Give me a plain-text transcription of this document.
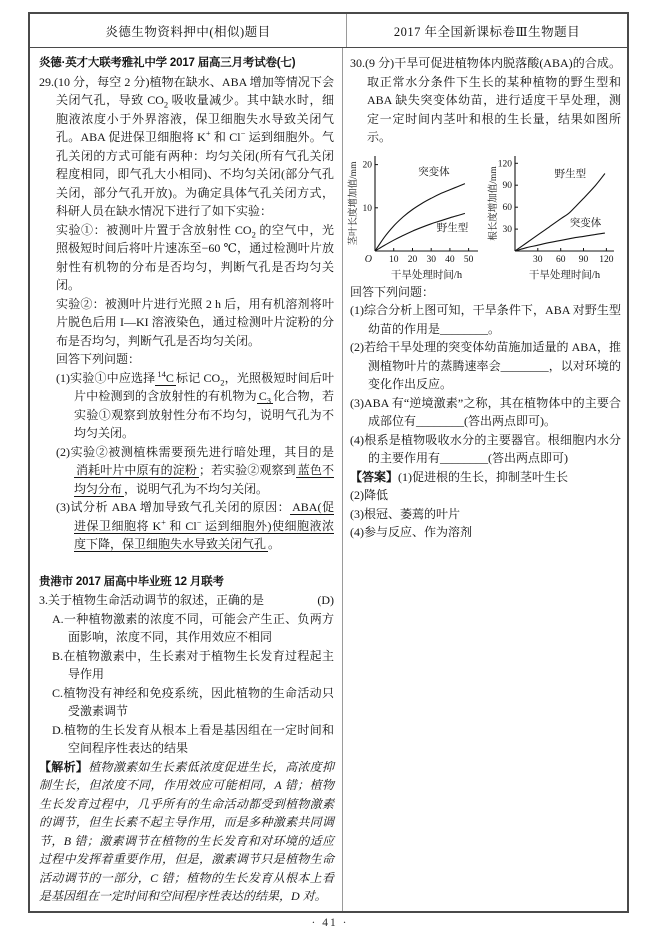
炎德生物资料押中(相似)题目	2017 年全国新课标卷Ⅲ生物题目

炎德·英才大联考雅礼中学 2017 届高三月考试卷(七)

29.(10 分，每空 2 分)植物在缺水、ABA 增加等情况下会关闭气孔，导致 $CO_2$ 吸收量减少。其中缺水时，细胞液浓度小于外界溶液，保卫细胞失水导致关闭气孔。ABA 促进保卫细胞将 K+ 和 Cl− 运到细胞外。气孔关闭的方式可能有两种：均匀关闭(所有气孔关闭程度相同，即气孔大小相同)、不均匀关闭(部分气孔关闭，部分气孔开放)。为确定具体气孔关闭方式，科研人员在缺水情况下进行了如下实验：

实验①：被测叶片置于含放射性 $CO_2$ 的空气中，光照极短时间后将叶片速冻至−60 ℃，通过检测叶片放射性有机物的分布是否均匀，判断气孔是否均匀关闭。

实验②：被测叶片进行光照 2 h 后，用有机溶剂将叶片脱色后用 I—KI 溶液染色，通过检测叶片淀粉的分布是否均匀，判断气孔是否均匀关闭。

回答下列问题：

(1)实验①中应选择 $^{14}$C 标记 $CO_2$，光照极短时间后叶片中检测到的含放射性的有机物为 $C_3$ 化合物，若实验①观察到放射性分布不均匀，说明气孔为不均匀关闭。

(2)实验②被测植株需要预先进行暗处理，其目的是消耗叶片中原有的淀粉 ；若实验②观察到 蓝色不均匀分布 ，说明气孔为不均匀关闭。

(3)试分析 ABA 增加导致气孔关闭的原因： ABA(促进保卫细胞将 K+ 和 Cl− 运到细胞外)使细胞液浓度下降，保卫细胞失水导致关闭气孔 。

贵港市 2017 届高中毕业班 12 月联考

(D)
3.关于植物生命活动调节的叙述，正确的是

A.一种植物激素的浓度不同，可能会产生正、负两方面影响，浓度不同，其作用效应不相同

B.在植物激素中，生长素对于植物生长发育过程起主导作用

C.植物没有神经和免疫系统，因此植物的生命活动只受激素调节

D.植物的生长发育从根本上看是基因组在一定时间和空间程序性表达的结果

【解析】植物激素如生长素低浓度促进生长，高浓度抑制生长，但浓度不同，作用效应可能相同，A 错；植物生长发育过程中，几乎所有的生命活动都受到植物激素的调节，但生长素不起主导作用，而是多种激素共同调节，B 错；激素调节在植物的生长发育和对环境的适应过程中发挥着重要作用，但是，激素调节只是植物生命活动调节的一部分，C 错；植物的生长发育从根本上看是基因组在一定时间和空间程序性表达的结果，D 对。

30.(9 分)干旱可促进植物体内脱落酸(ABA)的合成。取正常水分条件下生长的某种植物的野生型和 ABA 缺失突变体幼苗，进行适度干旱处理，测定一定时间内茎叶和根的生长量，结果如图所示。

10 20 30 40 50
10
20
O
茎叶长度增加值/mm
干旱处理时间/h
突变体
野生型
30 60 90 120
30
60
90
120
根长度增加值/mm
干旱处理时间/h
野生型
突变体

回答下列问题：

(1)综合分析上图可知，干旱条件下，ABA 对野生型幼苗的作用是________。

(2)若给干旱处理的突变体幼苗施加适量的 ABA，推测植物叶片的蒸腾速率会________，以对环境的变化作出反应。

(3)ABA 有“逆境激素”之称，其在植物体中的主要合成部位有________(答出两点即可)。

(4)根系是植物吸收水分的主要器官。根细胞内水分的主要作用有________(答出两点即可)

【答案】(1)促进根的生长，抑制茎叶生长

(2)降低

(3)根冠、萎蔫的叶片

(4)参与反应、作为溶剂

· 41 ·
